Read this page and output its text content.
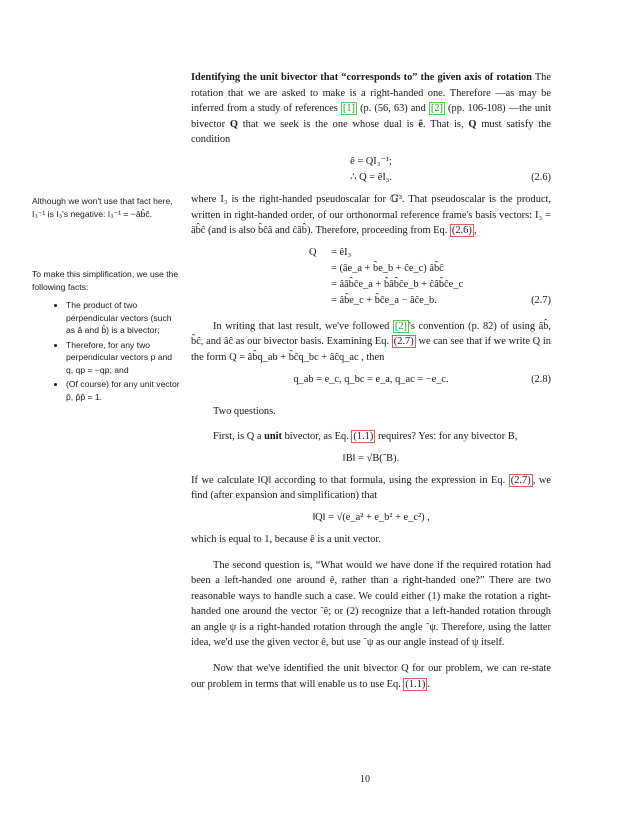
Identifying the unit bivector that “corresponds to” the given axis of rotation The rotation that we are asked to make is a right-handed one. Therefore —as may be inferred from a study of references [1] (p. (56, 63) and [2] (pp. 106-108) —the unit bivector Q that we seek is the one whose dual is ê. That is, Q must satisfy the condition

ê = QI₃⁻¹;
∴ Q = êI₃.	(2.6)

where I₃ is the right-handed pseudoscalar for 𝔾³. That pseudoscalar is the product, written in right-handed order, of our orthonormal reference frame's basis vectors: I₃ = âb̂ĉ (and is also b̂ĉâ and ĉâb̂). Therefore, proceeding from Eq. (2.6) ,

Q = êI₃
= (âe_a + b̂e_b + ĉe_c) âb̂ĉ
= ââb̂ĉe_a + b̂âb̂ĉe_b + ĉâb̂ĉe_c
= âb̂e_c + b̂ĉe_a − âĉe_b.	(2.7)

In writing that last result, we've followed [2] 's convention (p. 82) of using âb̂, b̂ĉ, and âĉ as our bivector basis. Examining Eq. (2.7) we can see that if we write Q in the form Q = âb̂q_ab + b̂ĉq_bc + âĉq_ac , then

q_ab = e_c, q_bc = e_a, q_ac = −e_c.	(2.8)

Two questions.

First, is Q a unit bivector, as Eq. (1.1) requires? Yes: for any bivector B,

‖B‖ = √B(˜B).

If we calculate ‖Q‖ according to that formula, using the expression in Eq. (2.7) , we find (after expansion and simplification) that

‖Q‖ = √(e_a² + e_b² + e_c²) ,

which is equal to 1, because ê is a unit vector.

The second question is, “What would we have done if the required rotation had been a left-handed one around ê, rather than a right-handed one?” There are two reasonable ways to handle such a case. We could either (1) make the rotation a right-handed one around the vector ˜ê; or (2) recognize that a left-handed rotation through an angle ψ is a right-handed rotation through the angle ˜ψ. Therefore, using the latter idea, we'd use the given vector ê, but use ˜ψ as our angle instead of ψ itself.

Now that we've identified the unit bivector Q for our problem, we can re-state our problem in terms that will enable us to use Eq. (1.1) .

Although we won't use that fact here, I₃⁻¹ is I₃'s negative: I₃⁻¹ = −âb̂ĉ.

To make this simplification, we use the following facts:

• The product of two perpendicular vectors (such as â and b̂) is a bivector;
• Therefore, for any two perpendicular vectors p and q, qp = −qp; and
• (Of course) for any unit vector p̂, p̂p̂ = 1.
10
